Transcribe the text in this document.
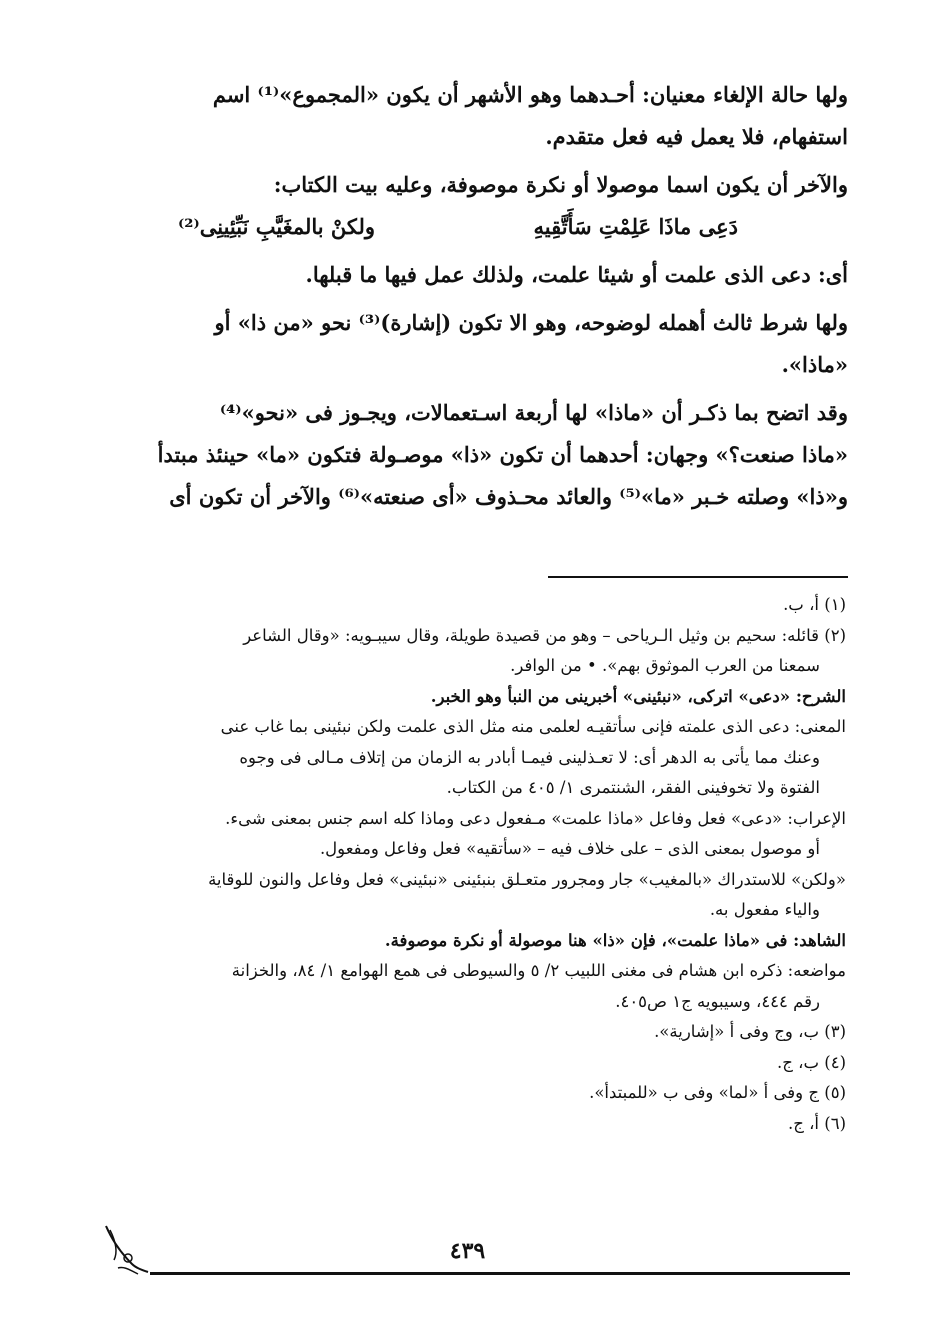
ولها حالة الإلغاء معنيان: أحـدهما وهو الأشهر أن يكون «المجموع»⁽¹⁾ اسم

استفهام، فلا يعمل فيه فعل متقدم.

والآخر أن يكون اسما موصولا أو نكرة موصوفة، وعليه بيت الكتاب:

دَعِى ماذَا عَلِمْتِ سَأَتَّقِيهِ
ولكنْ بالمغَيَّبِ نَبِّئِينِى⁽²⁾

أى: دعى الذى علمت أو شيئا علمت، ولذلك عمل فيها ما قبلها.

ولها شرط ثالث أهمله لوضوحه، وهو الا تكون (إشارة)⁽³⁾ نحو «من ذا» أو

«ماذا».

وقد اتضح بما ذكـر أن «ماذا» لها أربعة اسـتعمالات، ويجـوز فى «نحو»⁽⁴⁾

«ماذا صنعت؟» وجهان: أحدهما أن تكون «ذا» موصـولة فتكون «ما» حينئذ مبتدأ

و«ذا» وصلته خـبر «ما»⁽⁵⁾ والعائد محـذوف «أى صنعته»⁽⁶⁾ والآخر أن تكون أى

(١) أ، ب.

(٢) قائله: سحيم بن وثيل الـرياحى – وهو من قصيدة طويلة، وقال سيبـويه: «وقال الشاعر

سمعنا من العرب الموثوق بهم». • من الوافر.

الشرح: «دعى» اتركى، «نبئينى» أخبرينى من النبأ وهو الخبر.

المعنى: دعى الذى علمته فإنى سأتقيـه لعلمى منه مثل الذى علمت ولكن نبئينى بما غاب عنى

وعنك مما يأتى به الدهر أى: لا تعـذلينى فيمـا أبادر به الزمان من إتلاف مـالى فى وجوه

الفتوة ولا تخوفينى الفقر، الشنتمرى ١/ ٤٠٥ من الكتاب.

الإعراب: «دعى» فعل وفاعل «ماذا علمت» مـفعول دعى وماذا كله اسم جنس بمعنى شىء.

أو موصول بمعنى الذى – على خلاف فيه – «سأتقيه» فعل وفاعل ومفعول.

«ولكن» للاستدراك «بالمغيب» جار ومجرور متعـلق بنبئينى «نبئينى» فعل وفاعل والنون للوقاية

والياء مفعول به.

الشاهد: فى «ماذا علمت»، فإن «ذا» هنا موصولة أو نكرة موصوفة.

مواضعه: ذكره ابن هشام فى مغنى اللبيب ٢/ ٥ والسيوطى فى همع الهوامع ١/ ٨٤، والخزانة

رقم ٤٤٤، وسيبويه ج١ ص٤٠٥.

(٣) ب، وج وفى أ «إشارية».

(٤) ب، ج.

(٥) ج وفى أ «لما» وفى ب «للمبتدأ».

(٦) أ، ج.

٤٣٩
